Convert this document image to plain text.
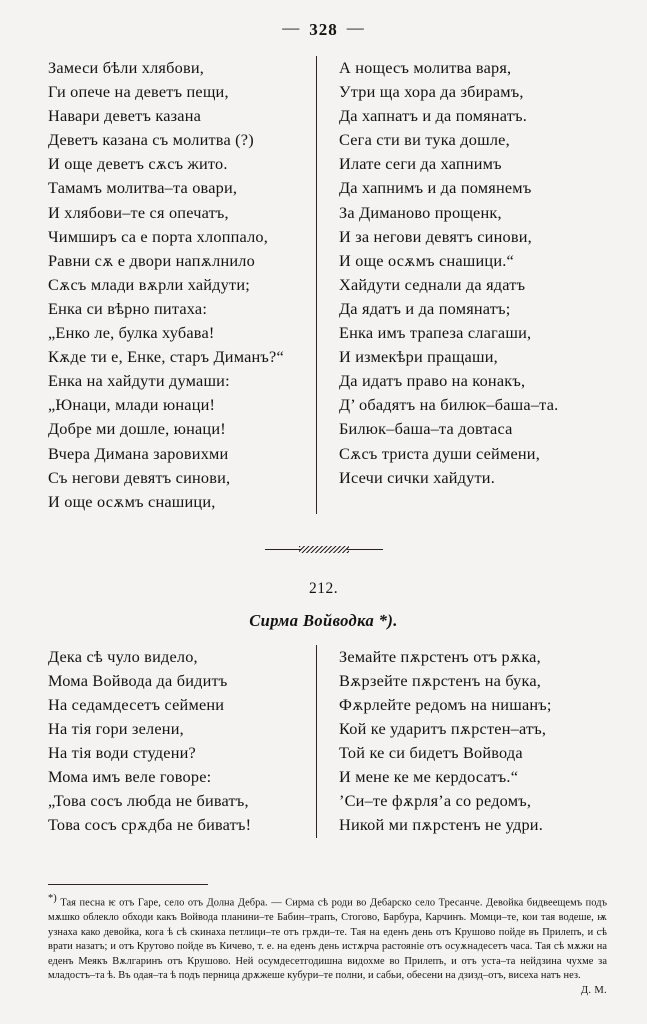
— 328 —
Замеси бѣли хлябови,
Ги опече на деветъ пещи,
Навари деветъ казана
Деветъ казана съ молитва (?)
И още деветъ сѫсъ жито.
Тамамъ молитва–та овари,
И хлябови–те ся опечатъ,
Чимширъ са е порта хлоппало,
Равни сѫ е двори напѫлнило
Сѫсъ млади вѫрли хайдути;
Енка си вѣрно питаха:
„Енко ле, булка хубава!
Кѫде ти е, Енке, старъ Диманъ?“
Енка на хайдути думаши:
„Юнаци, млади юнаци!
Добре ми дошле, юнаци!
Вчера Димана заровихми
Съ негови девятъ синови,
И още осѫмъ снашици,
А нощесъ молитва варя,
Утри ща хора да збирамъ,
Да хапнатъ и да помянатъ.
Сега сти ви тука дошле,
Илате сеги да хапнимъ
Да хапнимъ и да помянемъ
За Диманово прощенк,
И за негови девятъ синови,
И още осѫмъ снашици.“
Хайдути седнали да ядатъ
Да ядатъ и да помянатъ;
Енка имъ трапеза слагаши,
И измекѣри пращаши,
Да идатъ право на конакъ,
Д’ обадятъ на билюк–баша–та.
Билюк–баша–та довтаса
Сѫсъ триста души сеймени,
Исечи сички хайдути.
212.
Сирма Войводка *).
Дека сѣ чуло видело,
Мома Войвода да бидитъ
На седамдесетъ сеймени
На тія гори зелени,
На тія води студени?
Мома имъ веле говоре:
„Това сосъ любда не биватъ,
Това сосъ срѫдба не биватъ!
Земайте пѫрстенъ отъ рѫка,
Вѫрзейте пѫрстенъ на бука,
Фѫрлейте редомъ на нишанъ;
Кой ке ударитъ пѫрстен–атъ,
Той ке си бидетъ Войвода
И мене ке ме кердосатъ.“
’Си–те фѫрля’а со редомъ,
Никой ми пѫрстенъ не удри.

*) Тая песна ѥ отъ Гаре, село отъ Долна Дебра. — Сирма сѣ роди во Дебарско село Тресанче. Девойка бидвеещемъ подъ мѫшко облекло обходи какъ Войвода планини–те Бабин–трапъ, Стогово, Барбура, Карчинъ. Момци–те, кои тая водеше, ѭ узнаха како девойка, кога ѣ сѣ скинаха петлици–те отъ грѫди–те. Тая на еденъ день отъ Крушово пойде въ Прилепъ, и сѣ врати назатъ; и отъ Крутово пойде въ Кичево, т. е. на еденъ день истѫрча растояніе отъ осуѫнадесетъ часа. Тая сѣ мѫжи на еденъ Меякъ Вѫлгаринъ отъ Крушово. Ней осумдесетгодишна видохме во Прилепъ, и отъ уста–та нейдзина чухме за младостъ–та ѣ. Въ одая–та ѣ подъ перница дрѫжеше кубури–те полни, и сабьи, обесени на дзизд–отъ, висеха натъ нез.

Д. М.
